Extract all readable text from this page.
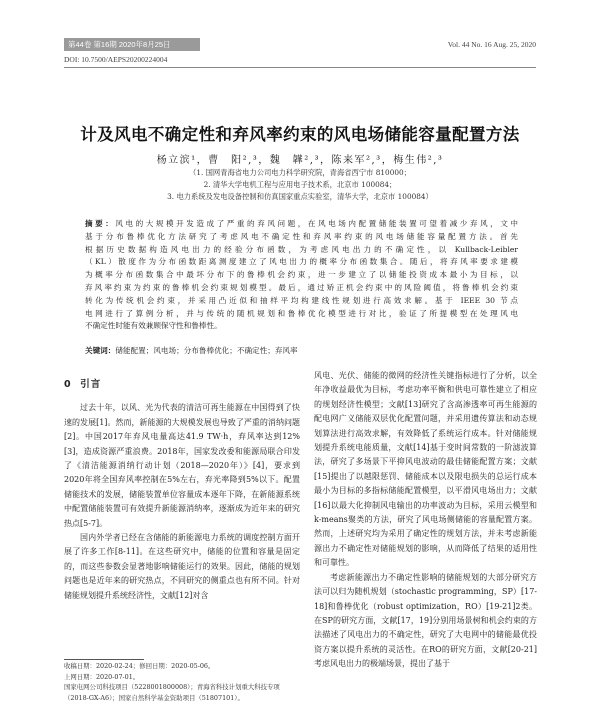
第44卷 第16期 2020年8月25日	Vol. 44 No. 16 Aug. 25, 2020
DOI: 10.7500/AEPS20200224004
计及风电不确定性和弃风率约束的风电场储能容量配置方法
杨立滨¹，曹　阳²,³，魏　韡²,³，陈来军²,³，梅生伟²,³
（1. 国网青海省电力公司电力科学研究院，青海省西宁市 810000；
2. 清华大学电机工程与应用电子技术系，北京市 100084；
3. 电力系统及发电设备控制和仿真国家重点实验室，清华大学，北京市 100084）
摘要：风电的大规模开发造成了严重的弃风问题，在风电场内配置储能装置可望着减少弃风，文中
基于分布鲁棒优化方法研究了考虑风电不确定性和弃风率约束的风电场储能容量配置方法。首先
根据历史数据构造风电出力的经验分布函数，为考虑风电出力的不确定性，以 Kullback-Leibler
（KL）散度作为分布函数距离测度建立了风电出力的概率分布函数集合。随后，将弃风率要求建模
为概率分布函数集合中最坏分布下的鲁棒机会约束，进一步建立了以储能投资成本最小为目标，以
弃风率约束为约束的鲁棒机会约束规划模型。最后，通过矫正机会约束中的风险阈值，将鲁棒机会约束
转化为传统机会约束，并采用凸近似和抽样平均构建线性规划进行高效求解。基于 IEEE 30 节点
电网进行了算例分析，并与传统的随机规划和鲁棒优化模型进行对比，验证了所提模型在处理风电
不确定性时能有效兼顾保守性和鲁棒性。
关键词：储能配置；风电场；分布鲁棒优化；不确定性；弃风率
0 引言

过去十年，以风、光为代表的清洁可再生能源在中国得到了快速的发展[1]。然而，新能源的大规模发展也导致了严重的消纳问题[2]。中国2017年弃风电量高达41.9 TW·h，弃风率达到12%[3]，造成资源严重浪费。2018年，国家发改委和能源局联合印发了《清洁能源消纳行动计划（2018—2020年）》[4]，要求到2020年将全国弃风率控制在5%左右，弃光率降到5%以下。配置储能技术的发展，储能装置单位容量成本逐年下降，在新能源系统中配置储能装置可有效提升新能源消纳率，逐渐成为近年来的研究热点[5-7]。

国内外学者已经在含储能的新能源电力系统的调度控制方面开展了许多工作[8-11]。在这些研究中，储能的位置和容量是固定的，而这些参数会显著地影响储能运行的效果。因此，储能的规划问题也是近年来的研究热点，不同研究的侧重点也有所不同。针对储能规划提升系统经济性，文献[12]对含

风电、光伏、储能的微网的经济性关键指标进行了分析，以全年净收益最优为目标，考虑功率平衡和供电可靠性建立了相应的规划经济性模型；文献[13]研究了含高渗透率可再生能源的配电网广义储能双层优化配置问题，并采用遗传算法和动态规划算法进行高效求解，有效降低了系统运行成本。针对储能规划提升系统电能质量，文献[14]基于变时间常数的一阶滤波算法，研究了多场景下平抑风电波动的最佳储能配置方案；文献[15]提出了以越限惩罚、储能成本以及限电损失的总运行成本最小为目标的多指标储能配置模型，以平滑风电场出力；文献[16]以最大化抑制风电输出的功率波动为目标，采用云模型和k-means聚类的方法，研究了风电场侧储能的容量配置方案。然而，上述研究均为采用了确定性的规划方法，并未考虑新能源出力不确定性对储能规划的影响，从而降低了结果的适用性和可靠性。

考虑新能源出力不确定性影响的储能规划的大部分研究方法可以归为随机规划（stochastic programming，SP）[17-18]和鲁棒优化（robust optimization，RO）[19-21]2类。在SP的研究方面，文献[17，19]分别用场景树和机会约束的方法描述了风电出力的不确定性，研究了大电网中的储能最优投资方案以提升系统的灵活性。在RO的研究方面，文献[20-21]考虑风电出力的极端场景，提出了基于

收稿日期：2020-02-24；修回日期：2020-05-06。
上网日期：2020-07-01。
国家电网公司科技项目（5228001800008）；青海省科技计划重大科技专项（2018-GX-A6）；国家自然科学基金资助项目（51807101）。
